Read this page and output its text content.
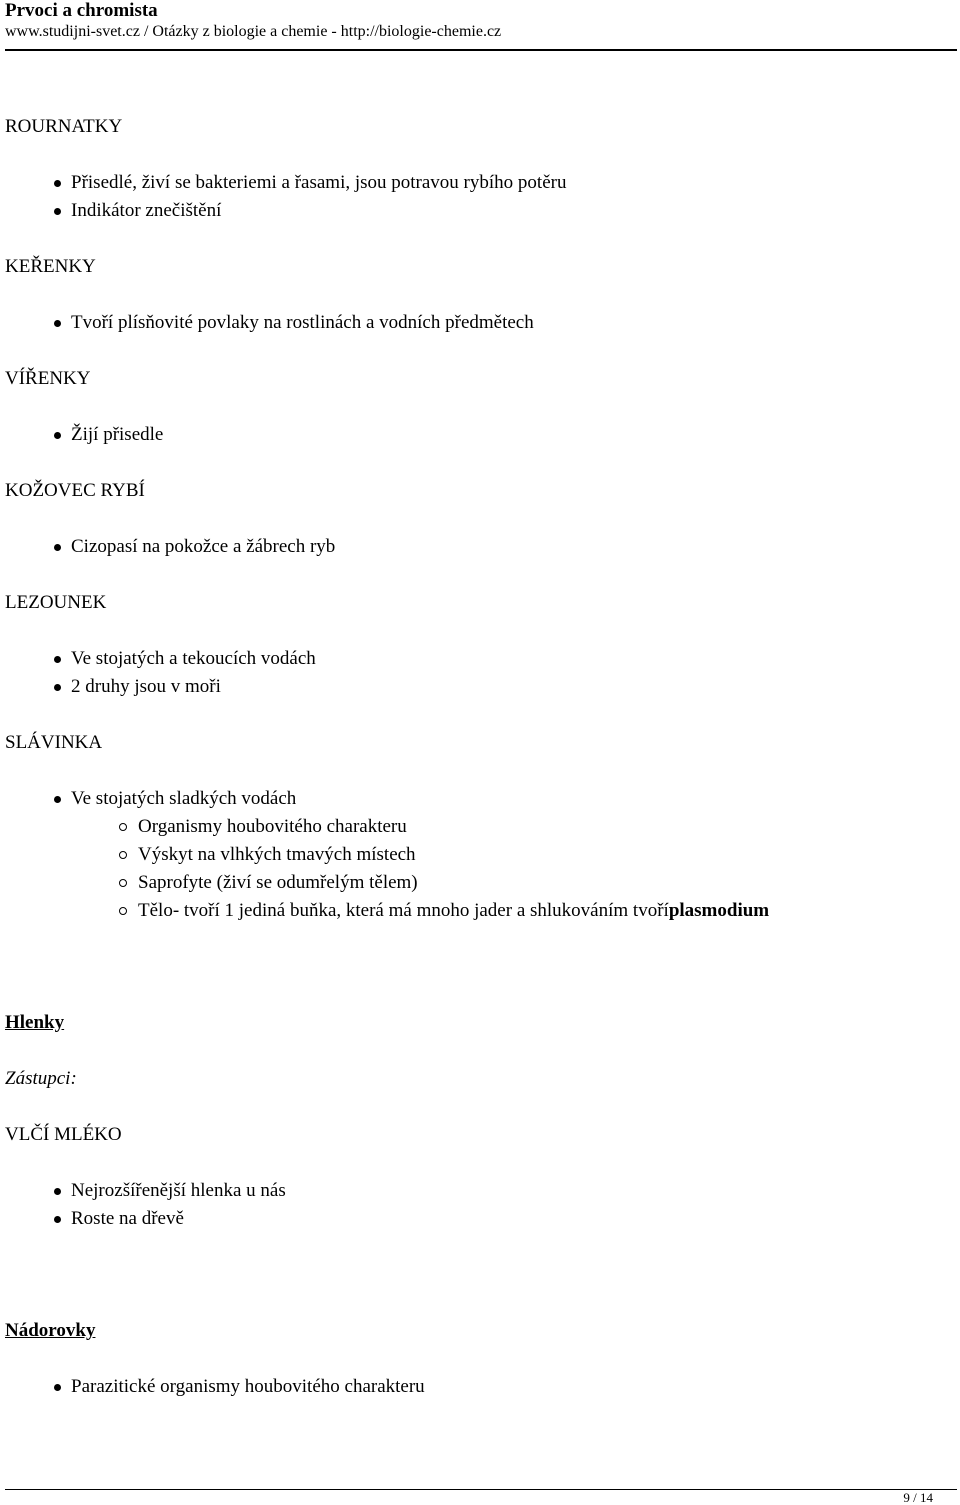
Prvoci a chromista
www.studijni-svet.cz / Otázky z biologie a chemie - http://biologie-chemie.cz
ROURNATKY
Přisedlé, živí se bakteriemi a řasami, jsou potravou rybího potěru
Indikátor znečištění
KEŘENKY
Tvoří plísňovité povlaky na rostlinách a vodních předmětech
VÍŘENKY
Žijí přisedle
KOŽOVEC RYBÍ
Cizopasí na pokožce a žábrech ryb
LEZOUNEK
Ve stojatých a tekoucích vodách
2 druhy jsou v moři
SLÁVINKA
Ve stojatých sladkých vodách
Organismy houbovitého charakteru
Výskyt na vlhkých tmavých místech
Saprofyte (živí se odumřelým tělem)
Tělo- tvoří 1 jediná buňka, která má mnoho jader a shlukováním tvoříplasmodium
Hlenky
Zástupci:
VLČÍ MLÉKO
Nejrozšířenější hlenka u nás
Roste na dřevě
Nádorovky
Parazitické organismy houbovitého charakteru
9 / 14
